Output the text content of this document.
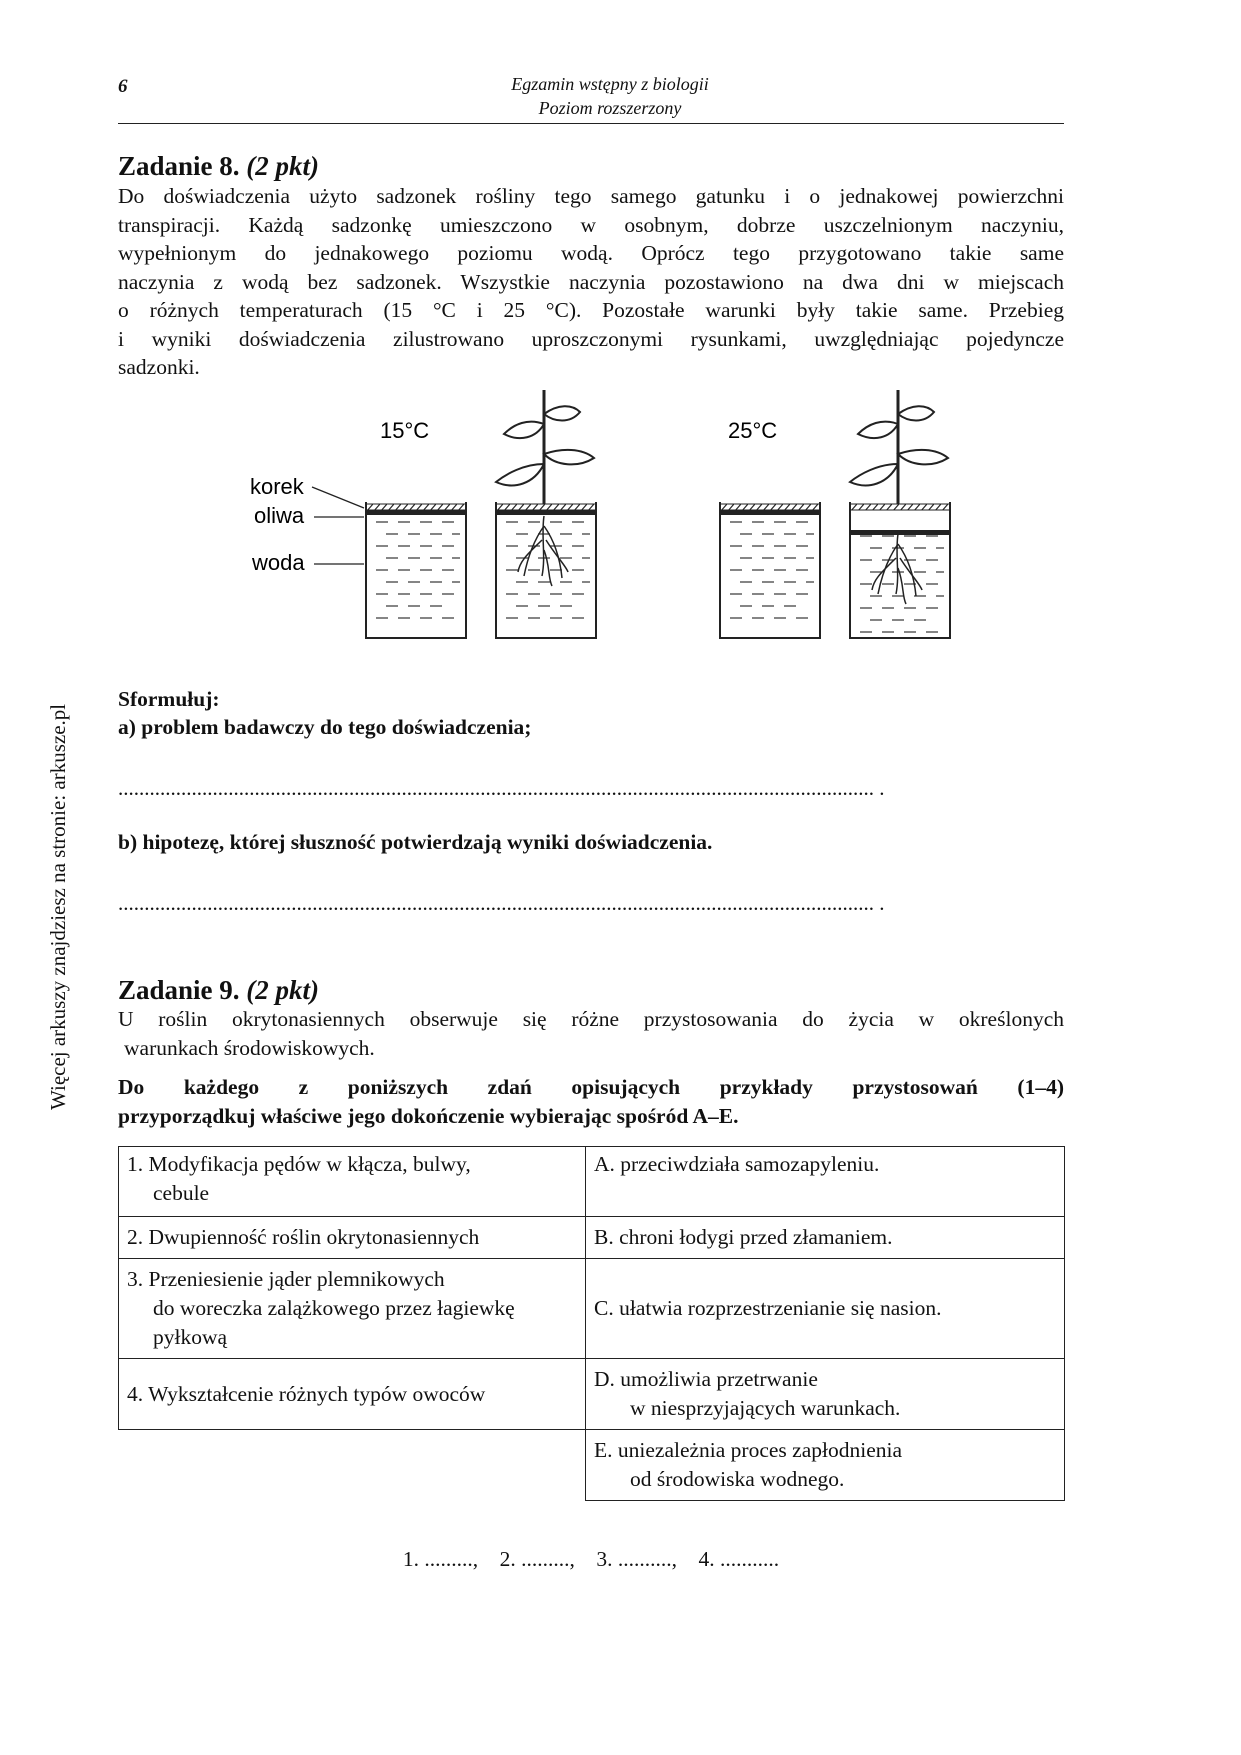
6	Egzamin wstępny z biologii
Poziom rozszerzony
Więcej arkuszy znajdziesz na stronie: arkusze.pl
Zadanie 8. (2 pkt)
Do doświadczenia użyto sadzonek rośliny tego samego gatunku i o jednakowej powierzchni
transpiracji. Każdą sadzonkę umieszczono w osobnym, dobrze uszczelnionym naczyniu,
wypełnionym do jednakowego poziomu wodą. Oprócz tego przygotowano takie same
naczynia z wodą bez sadzonek. Wszystkie naczynia pozostawiono na dwa dni w miejscach
o różnych temperaturach (15 °C i 25 °C). Pozostałe warunki były takie same. Przebieg
i wyniki doświadczenia zilustrowano uproszczonymi rysunkami, uwzględniając pojedyncze
sadzonki.
15°C	25°C
korek
oliwa
woda
Sformułuj:
a) problem badawczy do tego doświadczenia;
................................................................................................................................................ .
b) hipotezę, której słuszność potwierdzają wyniki doświadczenia.
................................................................................................................................................ .
Zadanie 9. (2 pkt)
U roślin okrytonasiennych obserwuje się różne przystosowania do życia w określonych
warunkach środowiskowych.
Do każdego z poniższych zdań opisujących przykłady przystosowań (1–4)
przyporządkuj właściwe jego dokończenie wybierając spośród A–E.
1. Modyfikacja pędów w kłącza, bulwy,
cebule	A. przeciwdziała samozapyleniu.
2. Dwupienność roślin okrytonasiennych	B. chroni łodygi przed złamaniem.
3. Przeniesienie jąder plemnikowych
do woreczka zalążkowego przez łagiewkę
pyłkową	C. ułatwia rozprzestrzenianie się nasion.
4. Wykształcenie różnych typów owoców	D. umożliwia przetrwanie
w niesprzyjających warunkach.

	E. uniezależnia proces zapłodnienia
od środowiska wodnego.
1. .........,    2. .........,    3. ..........,    4. ...........
